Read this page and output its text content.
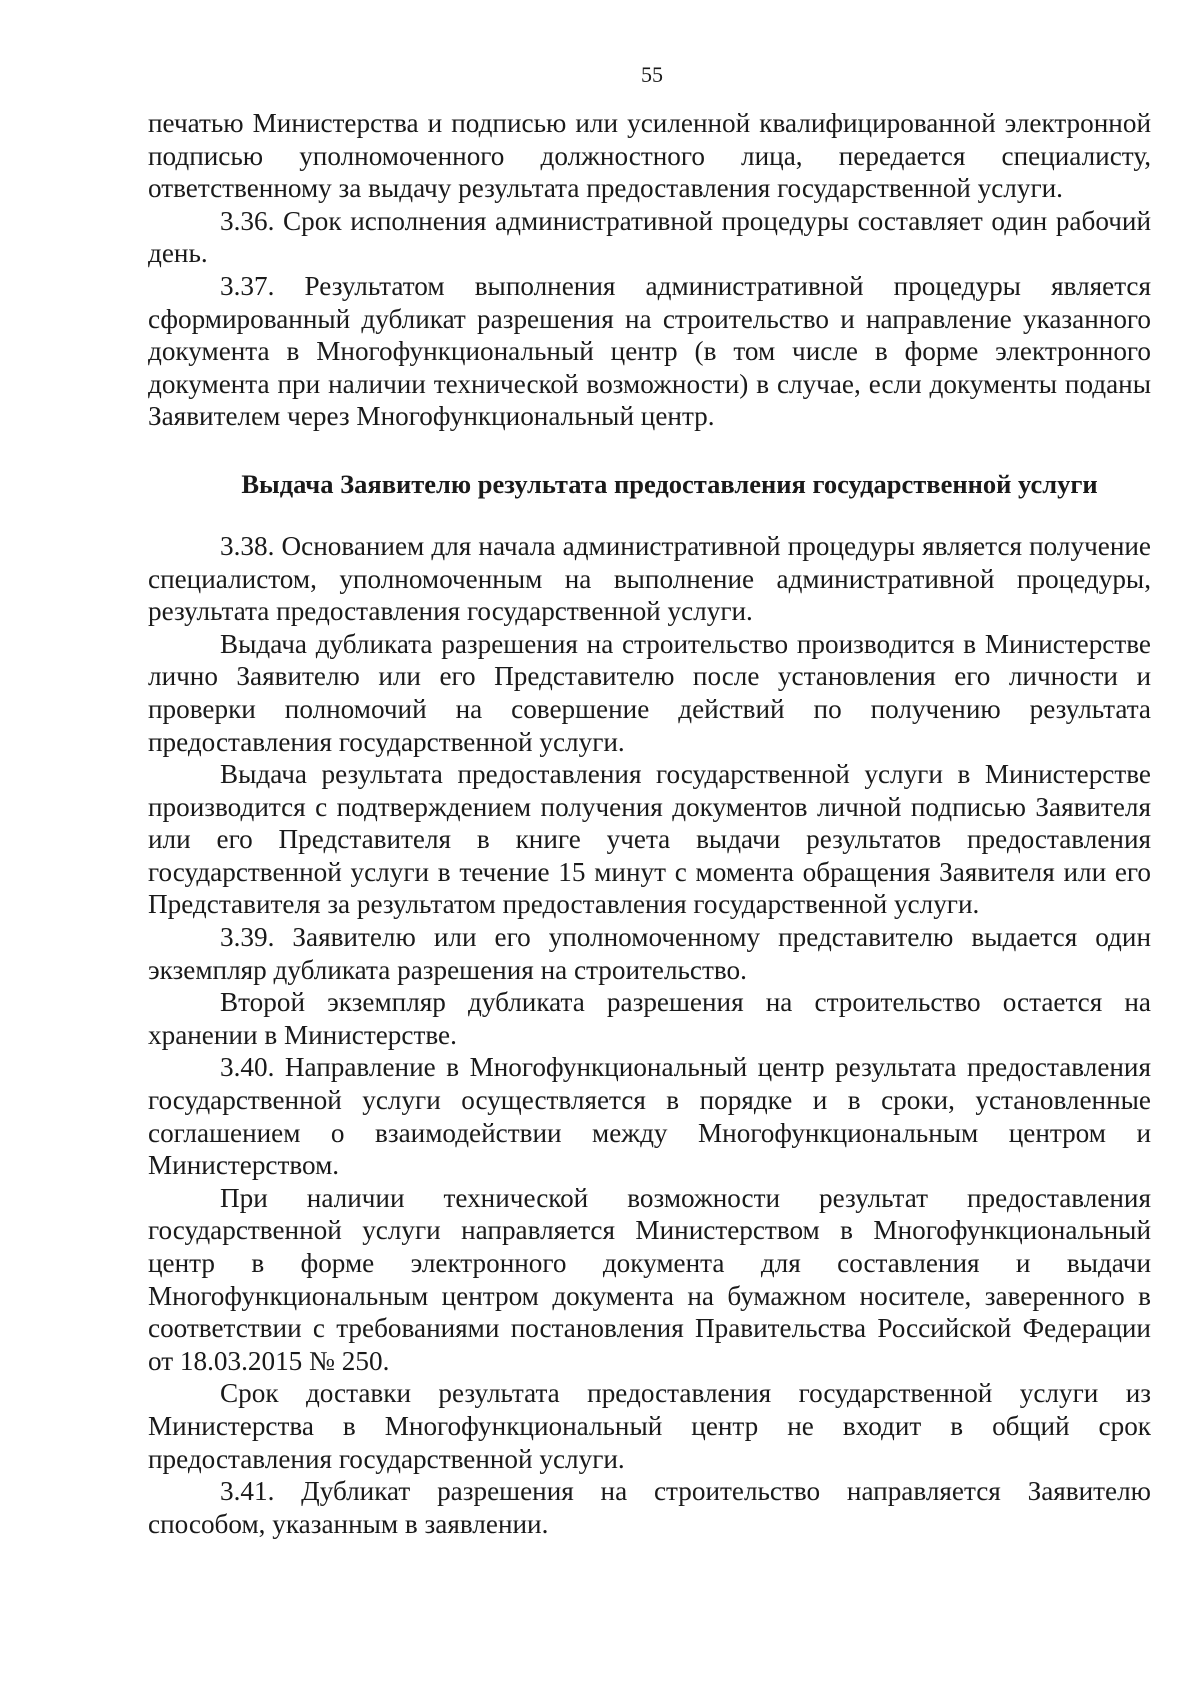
55

печатью Министерства и подписью или усиленной квалифицированной электронной подписью уполномоченного должностного лица, передается специалисту, ответственному за выдачу результата предоставления государственной услуги.

3.36. Срок исполнения административной процедуры составляет один рабочий день.

3.37. Результатом выполнения административной процедуры является сформированный дубликат разрешения на строительство и направление указанного документа в Многофункциональный центр (в том числе в форме электронного документа при наличии технической возможности) в случае, если документы поданы Заявителем через Многофункциональный центр.

Выдача Заявителю результата предоставления государственной услуги

3.38. Основанием для начала административной процедуры является получение специалистом, уполномоченным на выполнение административной процедуры, результата предоставления государственной услуги.

Выдача дубликата разрешения на строительство производится в Министерстве лично Заявителю или его Представителю после установления его личности и проверки полномочий на совершение действий по получению результата предоставления государственной услуги.

Выдача результата предоставления государственной услуги в Министерстве производится с подтверждением получения документов личной подписью Заявителя или его Представителя в книге учета выдачи результатов предоставления государственной услуги в течение 15 минут с момента обращения Заявителя или его Представителя за результатом предоставления государственной услуги.

3.39. Заявителю или его уполномоченному представителю выдается один экземпляр дубликата разрешения на строительство.

Второй экземпляр дубликата разрешения на строительство остается на хранении в Министерстве.

3.40. Направление в Многофункциональный центр результата предоставления государственной услуги осуществляется в порядке и в сроки, установленные соглашением о взаимодействии между Многофункциональным центром и Министерством.

При наличии технической возможности результат предоставления государственной услуги направляется Министерством в Многофункциональный центр в форме электронного документа для составления и выдачи Многофункциональным центром документа на бумажном носителе, заверенного в соответствии с требованиями постановления Правительства Российской Федерации от 18.03.2015 № 250.

Срок доставки результата предоставления государственной услуги из Министерства в Многофункциональный центр не входит в общий срок предоставления государственной услуги.

3.41. Дубликат разрешения на строительство направляется Заявителю способом, указанным в заявлении.
